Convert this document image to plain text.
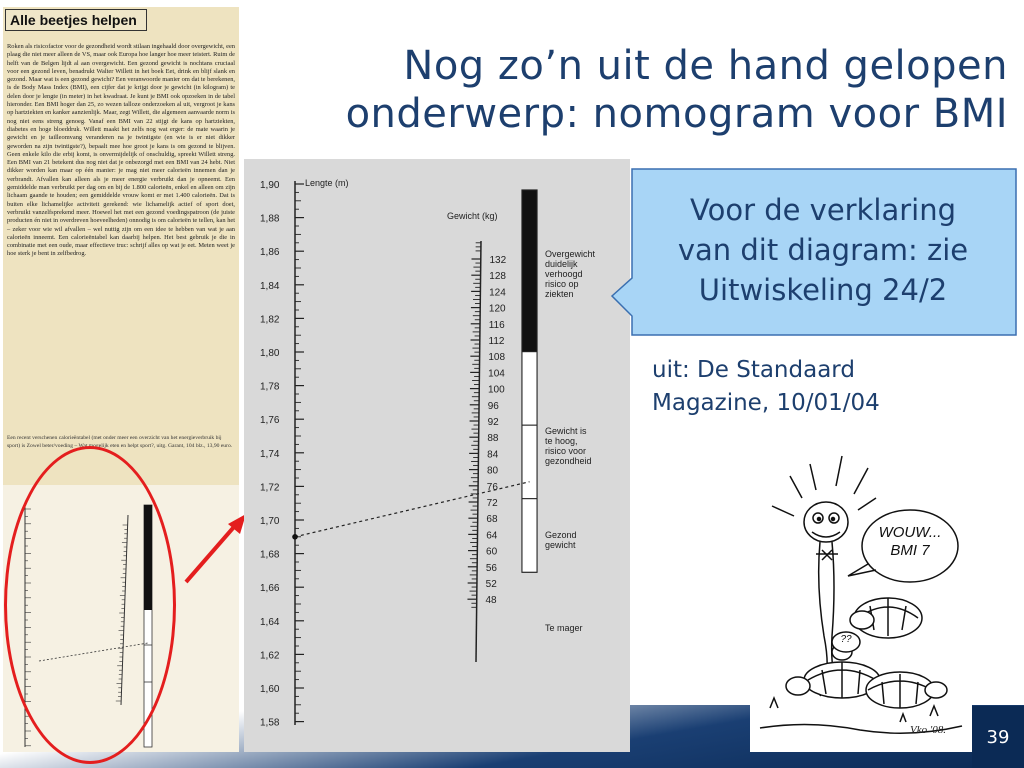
39
Nog zo’n uit de hand gelopen
onderwerp: nomogram voor BMI
Alle beetjes helpen
Roken als risicofactor voor de gezondheid wordt stilaan ingehaald door overgewicht, een plaag die niet meer alleen de VS, maar ook Europa hoe langer hoe meer teistert. Ruim de helft van de Belgen lijdt al aan overgewicht. Een gezond gewicht is nochtans cruciaal voor een gezond leven, benadrukt Walter Willett in het boek Eet, drink en blijf slank en gezond. Maar wat is een gezond gewicht? Een veranwoorde manier om dat te berekenen, is de Body Mass Index (BMI), een cijfer dat je krijgt door je gewicht (in kilogram) te delen door je lengte (in meter) in het kwadraat. Je kunt je BMI ook opzoeken in de tabel hieronder. Een BMI hoger dan 25, zo wezen talloze onderzoeken al uit, vergroot je kans op hartziekten en kanker aanzienlijk. Maar, zegt Willett, die algemeen aanvaarde norm is nog niet eens streng genoeg. Vanaf een BMI van 22 stijgt de kans op hartziekten, diabetes en hoge bloeddruk. Willett maakt het zelfs nog wat erger: de mate waarin je gewicht en je tailleomvang veranderen na je twintigste (en wie is er niet dikker geworden na zijn twintigste?), bepaalt mee hoe groot je kans is om gezond te blijven. Geen enkele kilo die erbij komt, is onvermijdelijk of onschuldig, spreekt Willett streng. Een BMI van 21 betekent dus nog niet dat je onbezorgd met een BMI van 24 hebt. Niet dikker worden kan maar op één manier: je mag niet meer calorieën innemen dan je verbrandt. Afvallen kan alleen als je meer energie verbruikt dan je opneemt. Een gemiddelde man verbruikt per dag om en bij de 1.800 calorieën, enkel en alleen om zijn lichaam gaande te houden; een gemiddelde vrouw komt er met 1.400 calorieën. Dat is buiten elke lichamelijke activiteit gerekend: wie lichamelijk actief of sport doet, verbruikt vanzelfsprekend meer. Hoewel het met een gezond voedingspatroon (de juiste producten én niet in overdreven hoeveelheden) onnodig is om calorieën te tellen, kan het – zeker voor wie wil afvallen – wel nuttig zijn om een idee te hebben van wat je aan calorieën inneemt. Een calorieëntabel kan daarbij helpen. Het best gebruik je die in combinatie met een oude, maar effectieve truc: schrijf alles op wat je eet. Meten weet je hoe sterk je bent in zelfbedrog.
Een recent verschenen calorieëntabel (met onder meer een overzicht van het energieverbruik bij sport) is Zowel beter/voeding – Wat mogelijk eten en helpt sport?, uitg. Garant, 104 blz., 13,90 euro.
Lengte (m)
Gewicht (kg)
1,90
1,88
1,86
1,84
1,82
1,80
1,78
1,76
1,74
1,72
1,70
1,68
1,66
1,64
1,62
1,60
1,58
132
128
124
120
116
112
108
104
100
96
92
88
84
80
76
72
68
64
60
56
52
48
Overgewicht duidelijk verhoogd risico op ziekten
Gewicht is te hoog, risico voor gezondheid
Gezond gewicht
Te mager
Voor de verklaring
van dit diagram: zie
Uitwiskeling 24/2
uit: De Standaard
Magazine, 10/01/04
WOUW... BMI 7
??
Vko '08.
